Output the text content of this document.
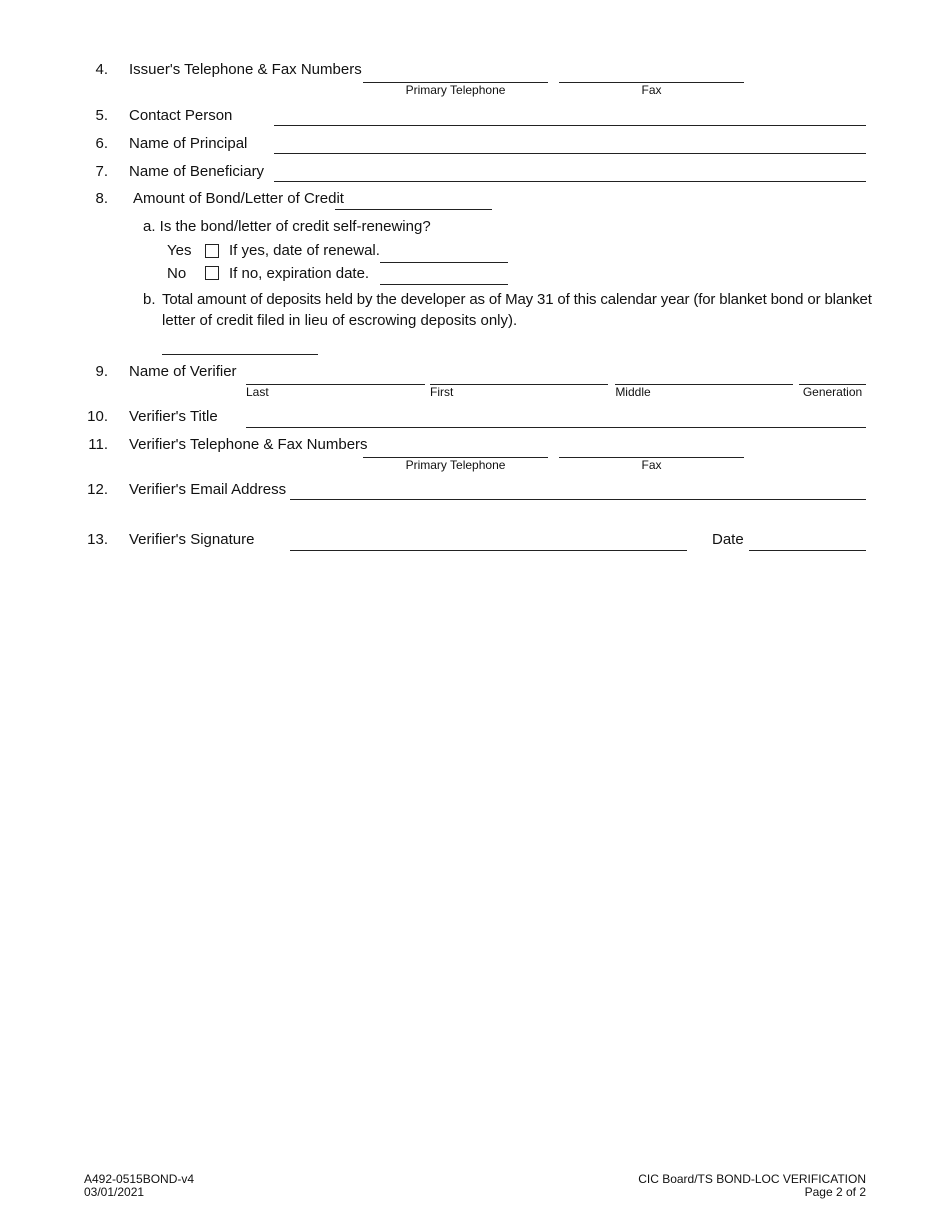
4. Issuer's Telephone & Fax Numbers
Primary Telephone	Fax
5. Contact Person
6. Name of Principal
7. Name of Beneficiary
8. Amount of Bond/Letter of Credit
a. Is the bond/letter of credit self-renewing?
Yes	If yes, date of renewal.
No	If no, expiration date.
b. Total amount of deposits held by the developer as of May 31 of this calendar year (for blanket bond or blanket
letter of credit filed in lieu of escrowing deposits only).
9. Name of Verifier
Last	First	Middle	Generation
10. Verifier's Title
11. Verifier's Telephone & Fax Numbers
Primary Telephone	Fax
12. Verifier's Email Address
13. Verifier's Signature	Date
A492-0515BOND-v4
03/01/2021
CIC Board/TS BOND-LOC VERIFICATION
Page 2 of 2
